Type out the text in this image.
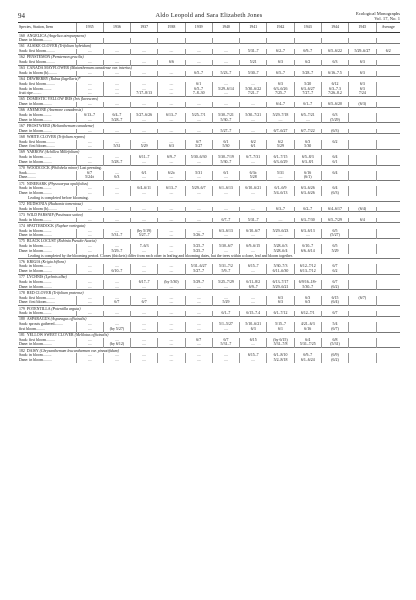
94	Aldo Leopold and Sara Elizabeth Jones	Ecological Monographs
Vol. 17, No. 1
Species, Station, Item	1935	1936	1937	1938	1939	1940	1941	1942	1943	1944	1945	Average
160 ANGELICA (Angelica atropurpurea)												
Dane: in bloom.........												
161 ALSIKE CLOVER (Trifolium hybridum)												
Sauk: first bloom.........	....	....	....	....	....	....	5/31–7	6/2–7	6/9–7	6/5–6/22	5/29–6/27	6/2
162 PENSTEMON (Penstemon gracilis)												
Sauk: first bloom.........	....	....	....	6/6	....	....	5/21	6/3	6/2	6/3	6/3	
163 CANADA MAYFLOWER (Maianthemum canadense var. interius)												
Sauk: in bloom (b).........	....	....	....	....	6/5–7	5/23–7	5/30–7	6/5–7	5/28–7	6/16–7.5	6/3	
164 DEWBERRY (Rubus flagellaris)*												
Sauk: first bloom.........	....	....	....	....	6/1	....	....	6/3	5/20	6/12	6/3	
Sauk: in bloom.........	....	....	....	....	6/5–7	5/29–6/14	5/30–6/22	6/3–6/26	6/3–6/27	6/3–7.3	6/3	
fruit ripe.........	....	....	7/17–8/13	....	7–8–30	....	7/21–7	7/25–7	7/27–7	7/26–8.2	7/24	
165 DOMESTIC YELLOW IRIS (Iris flavescens)												
Dane: in bloom.........	....	....	....	....	....	....	....	6/4–7	6/1–7	6/5–6/20	(6/3)	
166 ANEMONE (Anemone canadensis)												
Sauk: in bloom.........	6/13–7	6/4–7	5/27–6/26	6/13–7	5/25–7/1	5/30–7/21	5/30–7/21	5/29–7/18	6/5–7/21	6/3		
Dane: in bloom.........	....	5/28–7	....	....	....	5/30–7	....	....	....	(5/29)		
167 FROSTWEED (Helianthemum canadense)												
Dane: in bloom.........	....	....	....	....	....	5/27–7	....	6/7–6/27	6/7–7/22	(6/3)		
168 WHITE CLOVER (Trifolium repens)												
Sauk: first bloom.........	....	....	....	....	6/7	6/1	6/2	6/2	6/3	6/2		
Dane: first bloom.........	....	5/31	5/29	6/3	5/27	5/30	6/1	5/29	5/30			
169 YARROW (Achillea Millefolium)												
Sauk: in bloom.........	....	....	6/11–7	6/9–7	5/30–6/30	5/30–7/19	6/7–7/31	6/1–7/15	6/5–8/3	6/4		
Dane: in bloom.........	....	5/28–7	....	....	....	5/30–7	....	6/3–6/29	6/3–8/1	6/1		
170 WOODCOCK (Philohela minor) Last peenting.												
Sauk.........	6/7	....	6/1	6/2±	5/31	6/1	6/3±	5/31	6/16	6/4		
Dane.........	5/24±	6/3	....	....	....	....	5/28	....	(6/1)			
171 NINEBARK (Physocarpus opulifolius)												
Sauk: in bloom.........	....	....	6/4–6/11	6/13–7	5/29–6/7	6/1–6/13	6/10–6/21	6/1–6/9	6/3–6/26	6/4		
Dane: in bloom.........	....	....	....	....	....	....	....	5/4–6/13	6/3–6/26	(6/3)		
Leafing is completed before blooming.												
172 HUDSONIA (Hudsonia tomentosa)												
Sauk: in bloom (b).........	....	....	....	....	....	....	....	6/3–7	6/2–7	6/4–6/17	(6/4)	
173 WILD PARSNIP (Pastinaca sativa)												
Sauk: in bloom.........	....	....	....	....	....	6/7–7	5/31–7	....	6/3–7/30	6/5–7/29	6/4	
174 SPATTERDOCK (Nuphar variegata)												
Sauk: in bloom.........	....	....	(by 5/19)	....	....	6/3–6/13	6/10–6/7	5/29–6/23	6/3–6/13	6/5		
Dane: in bloom.........	....	5/31–7	5/27–7	....	5/26–7	....	....	....	....	(5/27)		
175 BLACK LOCUST (Robinia Pseudo-Acacia)												
Sauk: in bloom.........	....	....	7–6/3	....	5/25–7	5/30–6/7	6/9–6/15	5/28–6/3	6/10–7	6/5		
Dane: in bloom.........	....	5/29–7	....	....	5/25–7	....	....	5/28–6/4	6/6–6/14	5/29		
Leafing is completed by the blooming period. Clones (thickets) differ from each other in leafing and blooming dates, but the trees within a clone, leaf and bloom together.												
176 KRIGIA (Krigia biflora)												
Sauk: in bloom.........	....	....	....	....	5/31–6/27	5/31–7/2	6/15–7	5/30–7/3	6/12–7/12	6/7		
Dane: in bloom.........	....	6/10–7	....	....	5/27–7	5/9–7	....	6/11–6/30	6/13–7/12	6/2		
177 LYCHNIS (Lychnis alba)												
Sauk: in bloom.........	....	....	6/17–7	(by 5/30)	5/29–7	5/25–7/29	6/11–8/2	6/13–7/17	6/9/16–18+	6/7		
Dane: in bloom.........	....	....	....	....	....	....	6/9–7	5/29–6/21	5/30–7	(6/2)		
178 RED CLOVER (Trifolium pratense)												
Sauk: first bloom.........	....	....	....	....	....	....	....	6/3	6/3	6/15	(6/7)	
Dane: first bloom.........	....	6/7	6/7	....	....	5/29	....	6/3	6/3	(6/4)		
179 POTENTILLA (Potentilla arguta)												
Sauk: in bloom.........	....	....	....	....	....	6/1–7	6/15–7.4	6/1–7/12	6/12–7/1	6/7		
180 ASPARAGUS (Asparagus officinalis)												
Sauk: sprouts gathered.........	....	....	....	....	....	5/1–5/27	5/10–6/21	5/15–7	4/21–6/3	5/4		
first bloom.........	....	(by 5/27)	....	....	....	....	6/3	6/1	6/16	(6/7)		
181 YELLOW SWEET CLOVER (Melilotus officinalis)												
Sauk: first bloom.........	....	....	....	....	6/7	6/7	6/15	(by 6/15)	6/4	6/8		
Dane: in bloom.........	....	(by 6/12)	....	....	....	5/31–7	....	5/31–7/8	5/31–7/25	(5/31)		
182 DAISY (Chrysanthemum leucanthemum var. pinnatifidum)												
Sauk: in bloom.........	....	....	....	....	....	....	6/15–7	6/1–8/10	6/9–7	(6/9)		
Dane: in bloom.........	....	....	....	....	....	....	....	5/2–8/18	6/1–6/24	(6/2)		
